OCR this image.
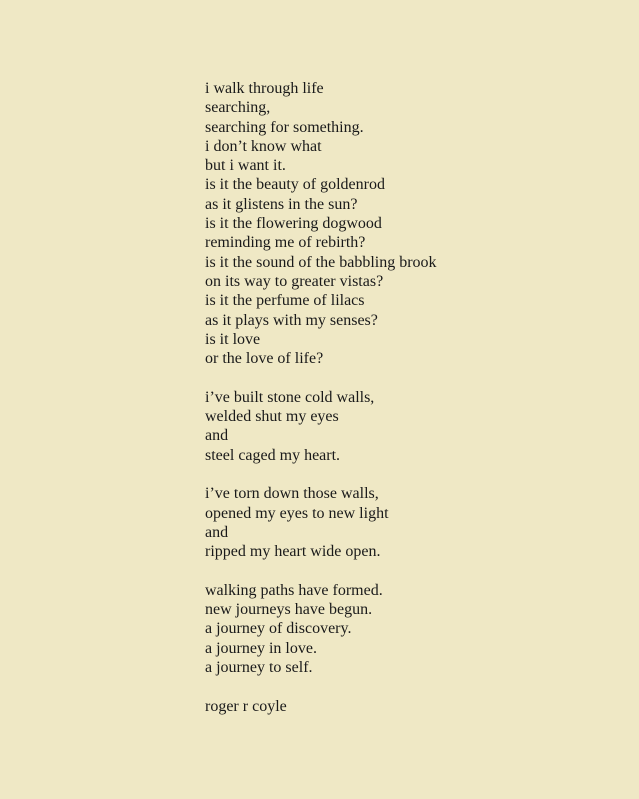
i walk through life
searching,
searching for something.
i don’t know what
but i want it.
is it the beauty of goldenrod
as it glistens in the sun?
is it the flowering dogwood
reminding me of rebirth?
is it the sound of the babbling brook
on its way to greater vistas?
is it the perfume of lilacs
as it plays with my senses?
is it love
or the love of life?
i’ve built stone cold walls,
welded shut my eyes
and
steel caged my heart.
i’ve torn down those walls,
opened my eyes to new light
and
ripped my heart wide open.
walking paths have formed.
new journeys have begun.
a journey of discovery.
a journey in love.
a journey to self.
roger r coyle
